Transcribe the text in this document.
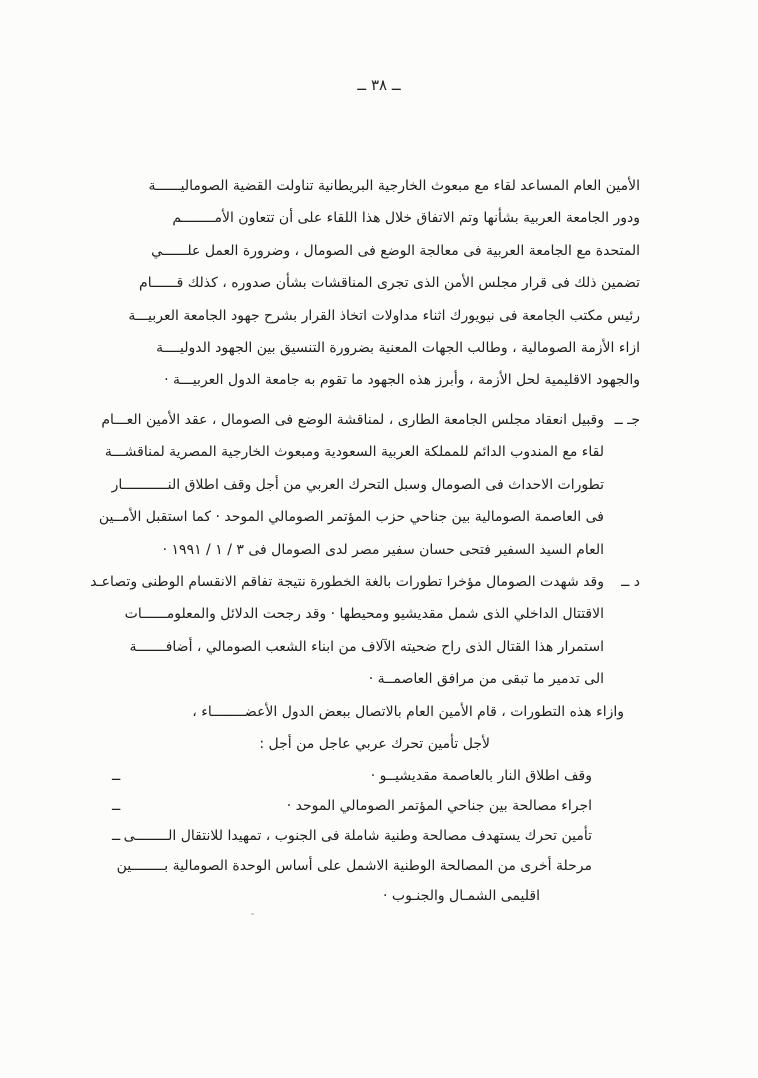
ــ ٣٨ ــ
الأمين العام المساعد لقاء مع مبعوث الخارجية البريطانية تناولت القضية الصوماليــــــة
ودور الجامعة العربية بشأنها وتم الاتفاق خلال هذا اللقاء على أن تتعاون الأمــــــــم
المتحدة مع الجامعة العربية فى معالجة الوضع فى الصومال ، وضرورة العمل علــــــي
تضمين ذلك فى قرار مجلس الأمن الذى تجرى المناقشات بشأن صدوره ، كذلك قــــــام
رئيس مكتب الجامعة فى نيويورك اثناء مداولات اتخاذ القرار بشرح جهود الجامعة العربيـــة
ازاء الأزمة الصومالية ، وطالب الجهات المعنية بضرورة التنسيق بين الجهود الدوليــــة
والجهود الاقليمية لحل الأزمة ، وأبرز هذه الجهود ما تقوم به جامعة الدول العربيـــة ·
جـ ــ
وقبيل انعقاد مجلس الجامعة الطارى ، لمناقشة الوضع فى الصومال ، عقد الأمين العـــام
لقاء مع المندوب الدائم للمملكة العربية السعودية ومبعوث الخارجية المصرية لمناقشـــة
تطورات الاحداث فى الصومال وسبل التحرك العربي من أجل وقف اطلاق النـــــــــــار
فى العاصمة الصومالية بين جناحي حزب المؤتمر الصومالي الموحد · كما استقبل الأمــين
العام السيد السفير فتحى حسان سفير مصر لدى الصومال فى ٣ / ١ / ١٩٩١ ·
د ــ
وقد شهدت الصومال مؤخرا تطورات بالغة الخطورة نتيجة تفاقم الانقسام الوطنى وتصاعـد
الاقتتال الداخلي الذى شمل مقديشيو ومحيطها · وقد رجحت الدلائل والمعلومــــــات
استمرار هذا القتال الذى راح ضحيته الآلاف من ابناء الشعب الصومالي ، أضافـــــــة
الى تدمير ما تبقى من مرافق العاصمــة ·
وازاء هذه التطورات ، قام الأمين العام بالاتصال ببعض الدول الأعضــــــــاء ،
لأجل تأمين تحرك عربي عاجل من أجل :
ــ	وقف اطلاق النار بالعاصمة مقديشيــو ·
ــ	اجراء مصالحة بين جناحي المؤتمر الصومالي الموحد ·
ــ تأمين تحرك يستهدف مصالحة وطنية شاملة فى الجنوب ، تمهيدا للانتقال الــــــــى
مرحلة أخرى من المصالحة الوطنية الاشمل على أساس الوحدة الصومالية بــــــــين
اقليمى الشمـال والجنـوب ·
